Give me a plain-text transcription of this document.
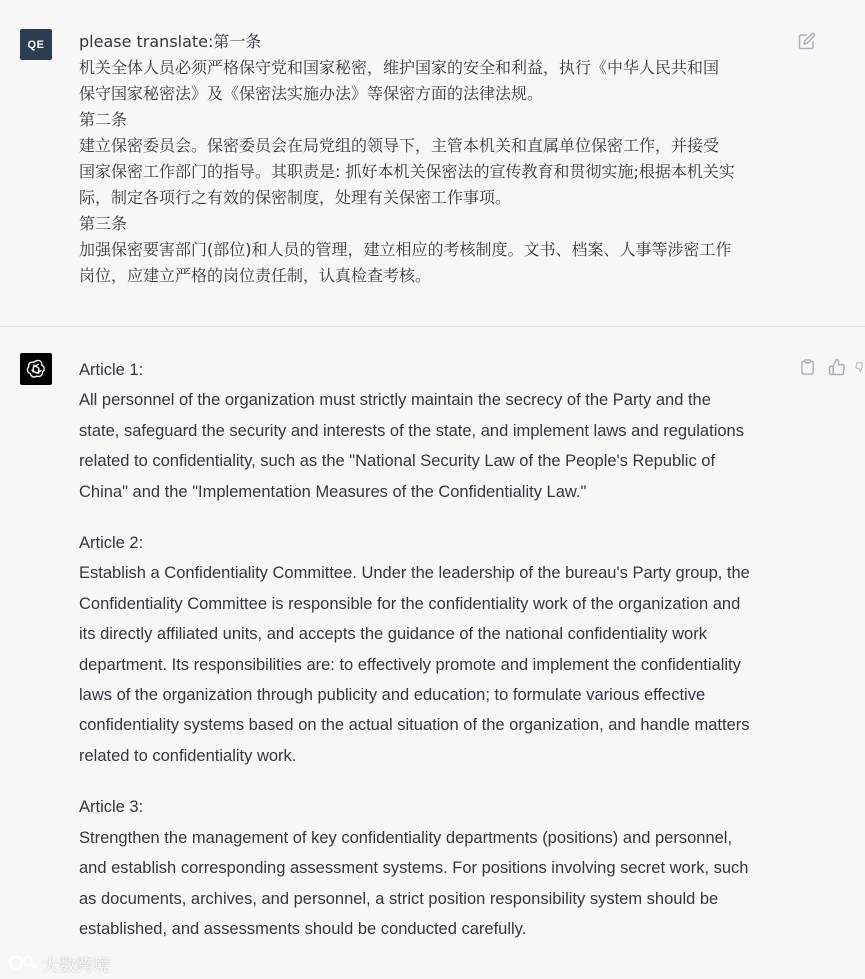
QE please translate:第一条
机关全体人员必须严格保守党和国家秘密，维护国家的安全和利益，执行《中华人民共和国
保守国家秘密法》及《保密法实施办法》等保密方面的法律法规。
第二条
建立保密委员会。保密委员会在局党组的领导下，主管本机关和直属单位保密工作，并接受
国家保密工作部门的指导。其职责是: 抓好本机关保密法的宣传教育和贯彻实施;根据本机关实
际，制定各项行之有效的保密制度，处理有关保密工作事项。
第三条
加强保密要害部门(部位)和人员的管理，建立相应的考核制度。文书、档案、人事等涉密工作
岗位，应建立严格的岗位责任制，认真检查考核。

Article 1:
All personnel of the organization must strictly maintain the secrecy of the Party and the
state, safeguard the security and interests of the state, and implement laws and regulations
related to confidentiality, such as the "National Security Law of the People's Republic of
China" and the "Implementation Measures of the Confidentiality Law."

Article 2:
Establish a Confidentiality Committee. Under the leadership of the bureau's Party group, the
Confidentiality Committee is responsible for the confidentiality work of the organization and
its directly affiliated units, and accepts the guidance of the national confidentiality work
department. Its responsibilities are: to effectively promote and implement the confidentiality
laws of the organization through publicity and education; to formulate various effective
confidentiality systems based on the actual situation of the organization, and handle matters
related to confidentiality work.

Article 3:
Strengthen the management of key confidentiality departments (positions) and personnel,
and establish corresponding assessment systems. For positions involving secret work, such
as documents, archives, and personnel, a strict position responsibility system should be
established, and assessments should be conducted carefully.

大数跨境
